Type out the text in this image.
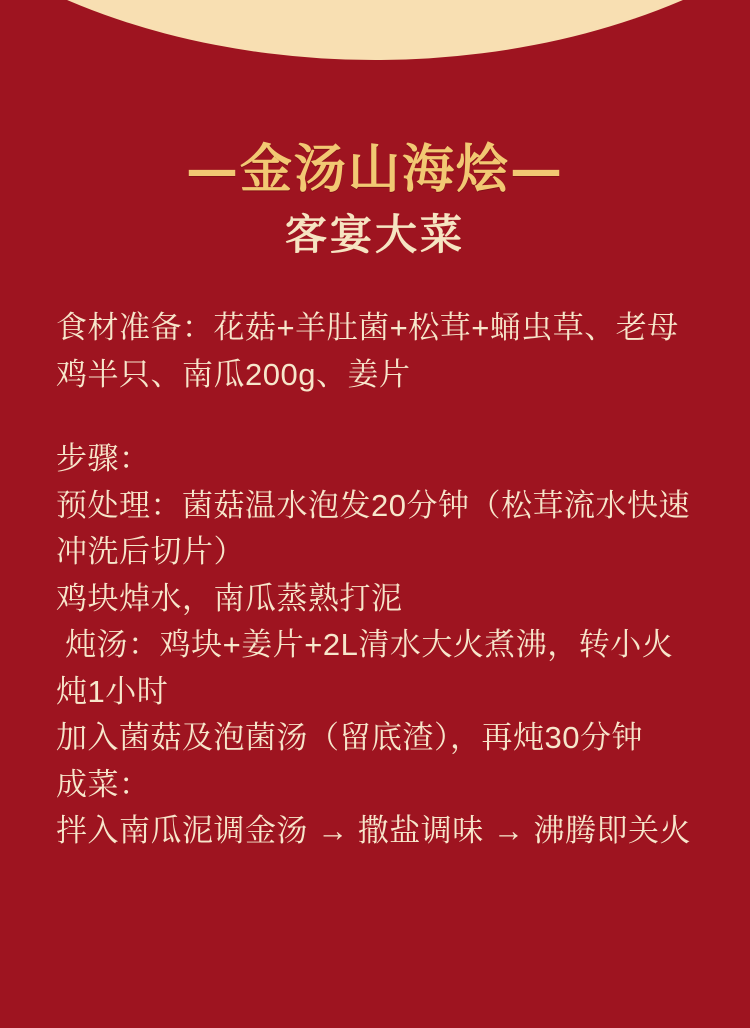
—金汤山海烩—
客宴大菜

食材准备：花菇+羊肚菌+松茸+蛹虫草、老母鸡半只、南瓜200g、姜片

步骤：

预处理：菌菇温水泡发20分钟（松茸流水快速冲洗后切片）

鸡块焯水，南瓜蒸熟打泥

炖汤：鸡块+姜片+2L清水大火煮沸，转小火炖1小时

加入菌菇及泡菌汤（留底渣），再炖30分钟

成菜：

拌入南瓜泥调金汤 → 撒盐调味 → 沸腾即关火
